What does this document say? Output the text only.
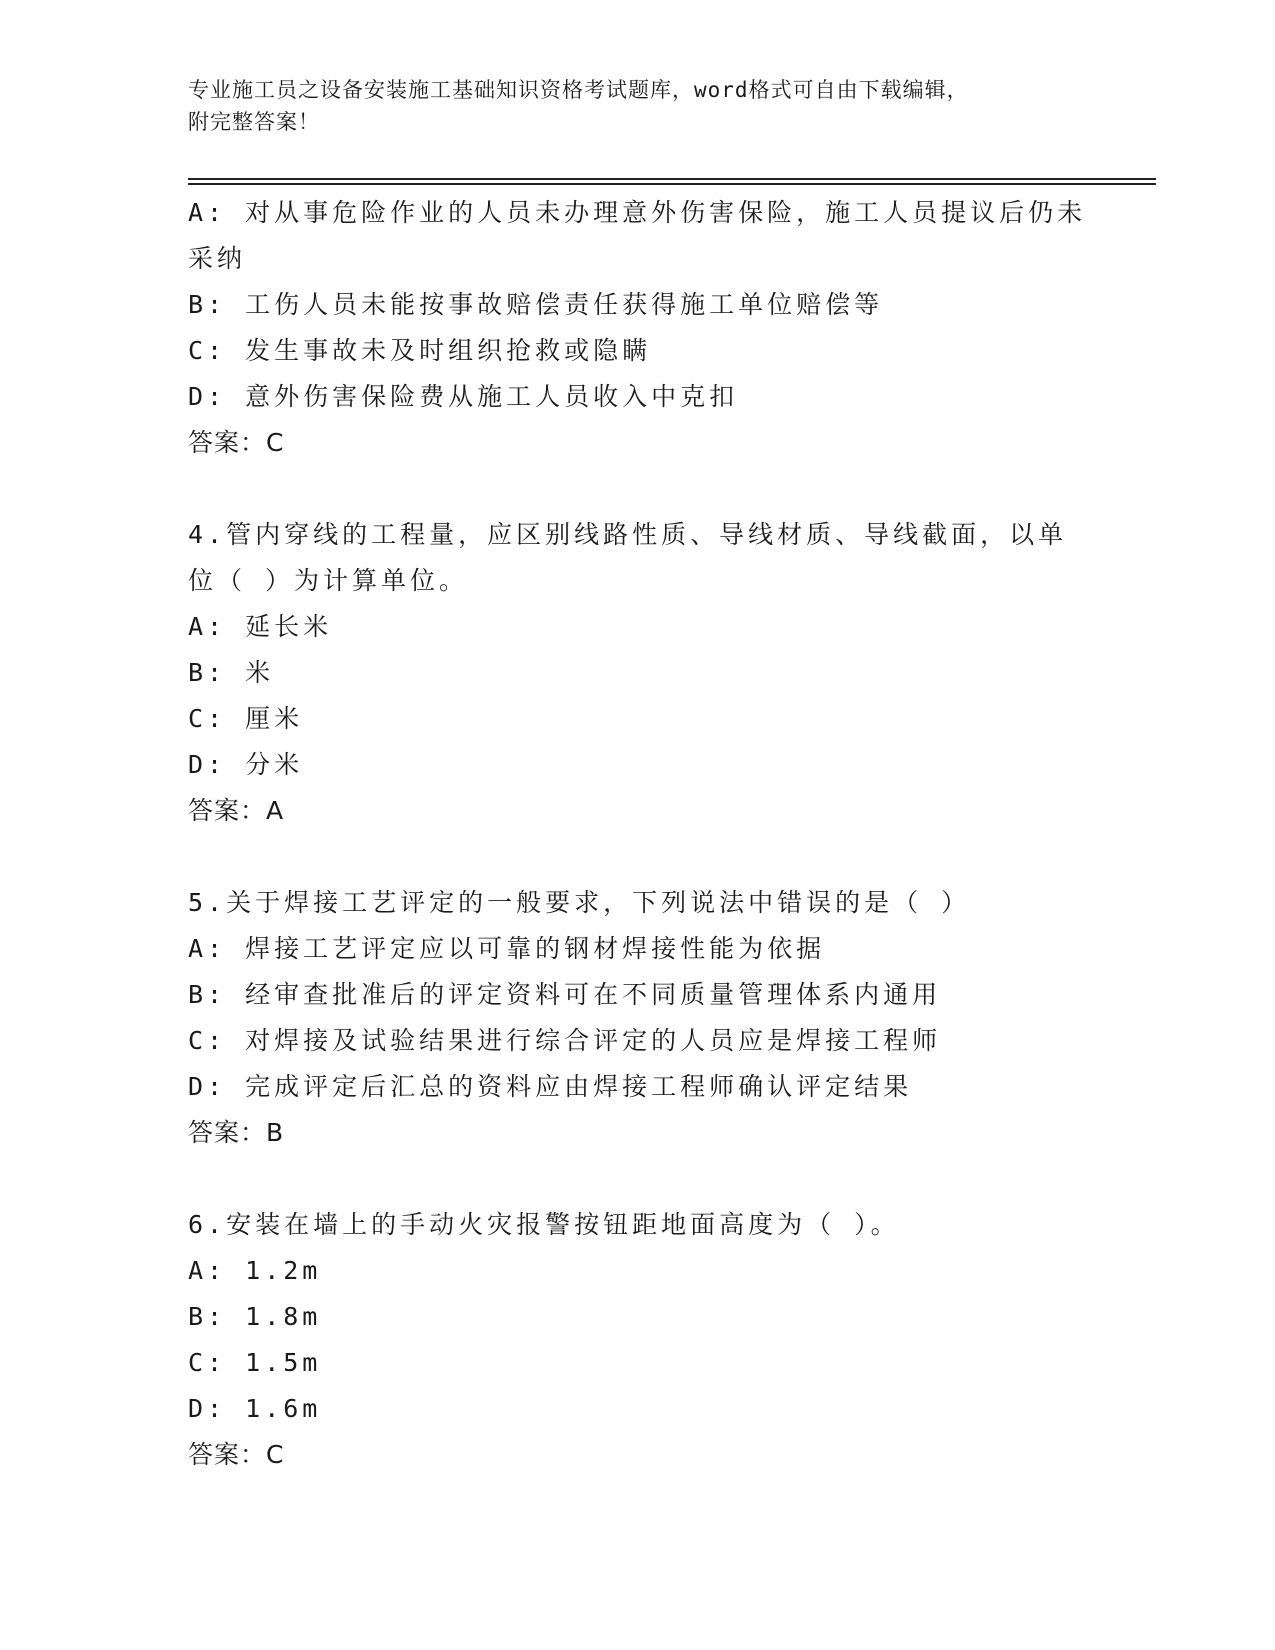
专业施工员之设备安装施工基础知识资格考试题库，word格式可自由下载编辑，
附完整答案！
A: 对从事危险作业的人员未办理意外伤害保险，施工人员提议后仍未
采纳
B: 工伤人员未能按事故赔偿责任获得施工单位赔偿等
C: 发生事故未及时组织抢救或隐瞒
D: 意外伤害保险费从施工人员收入中克扣
答案：C
4.管内穿线的工程量，应区别线路性质、导线材质、导线截面，以单
位（ ）为计算单位。
A: 延长米
B: 米
C: 厘米
D: 分米
答案：A
5.关于焊接工艺评定的一般要求，下列说法中错误的是（ ）
A: 焊接工艺评定应以可靠的钢材焊接性能为依据
B: 经审查批准后的评定资料可在不同质量管理体系内通用
C: 对焊接及试验结果进行综合评定的人员应是焊接工程师
D: 完成评定后汇总的资料应由焊接工程师确认评定结果
答案：B
6.安装在墙上的手动火灾报警按钮距地面高度为（ ）。
A: 1.2m
B: 1.8m
C: 1.5m
D: 1.6m
答案：C
